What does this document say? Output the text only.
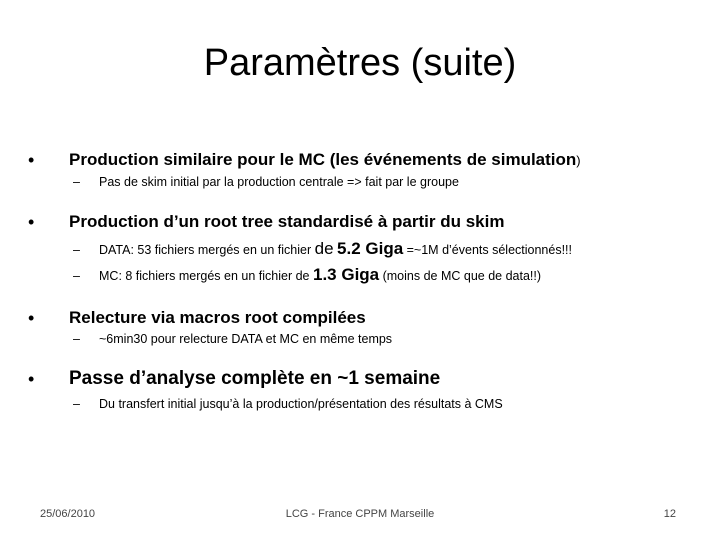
Paramètres (suite)
• Production similaire pour le MC (les événements de simulation)
– Pas de skim initial par la production centrale => fait par le groupe
• Production d’un root tree standardisé à partir du skim
– DATA: 53 fichiers mergés en un fichier de 5.2 Giga =~1M d’évents sélectionnés!!!
– MC: 8 fichiers mergés en un fichier de 1.3 Giga (moins de MC que de data!!)
• Relecture via macros root compilées
– ~6min30 pour relecture DATA et MC en même temps
• Passe d’analyse complète en ~1 semaine
– Du transfert initial jusqu’à la production/présentation des résultats à CMS
25/06/2010	LCG - France CPPM Marseille	12
